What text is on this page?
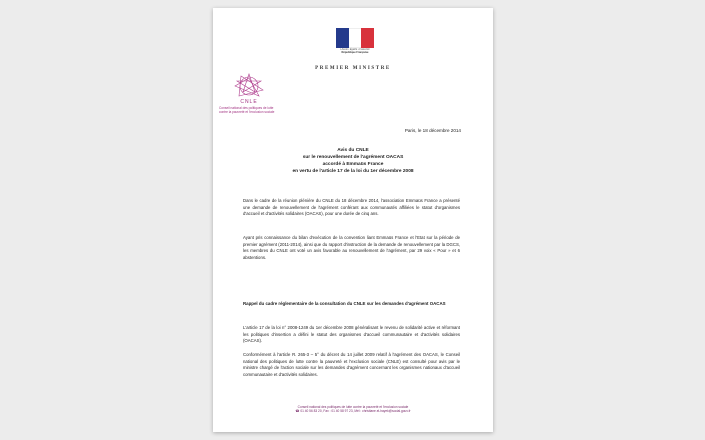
Liberté • Égalité • Fraternité
République Française
PREMIER MINISTRE
CNLE
Conseil national des politiques de lutte
contre la pauvreté et l'exclusion sociale
Paris, le 18 décembre 2014
Avis du CNLE
sur le renouvellement de l'agrément OACAS
accordé à Emmaüs France
en vertu de l'article 17 de la loi du 1er décembre 2008
Dans le cadre de la réunion plénière du CNLE du 18 décembre 2014, l'association Emmaüs France a présenté une demande de renouvellement de l'agrément conférant aux communautés affiliées le statut d'organismes d'accueil et d'activités solidaires (OACAS), pour une durée de cinq ans.
Ayant pris connaissance du bilan d'exécution de la convention liant Emmaüs France et l'Etat sur la période de premier agrément (2011-2014), ainsi que du rapport d'instruction de la demande de renouvellement par la DGCS, les membres du CNLE ont voté un avis favorable au renouvellement de l'agrément, par 29 voix « Pour » et 6 abstentions.
Rappel du cadre réglementaire de la consultation du CNLE sur les demandes d'agrément OACAS
L'article 17 de la loi n° 2008-1249 du 1er décembre 2008 généralisant le revenu de solidarité active et réformant les politiques d'insertion a défini le statut des organismes d'accueil communautaire et d'activités solidaires (OACAS).
Conformément à l'article R. 265-3 – 5° du décret du 14 juillet 2009 relatif à l'agrément des OACAS, le Conseil national des politiques de lutte contre la pauvreté et l'exclusion sociale (CNLE) est consulté pour avis par le ministre chargé de l'action sociale sur les demandes d'agrément concernant les organismes nationaux d'accueil communautaire et d'activités solidaires.
Conseil national des politiques de lutte contre la pauvreté et l'exclusion sociale
☎ 01 40 56 83 20, Fax : 01 40 58 97 23, Mél : christiane.el-hayek@social.gouv.fr
